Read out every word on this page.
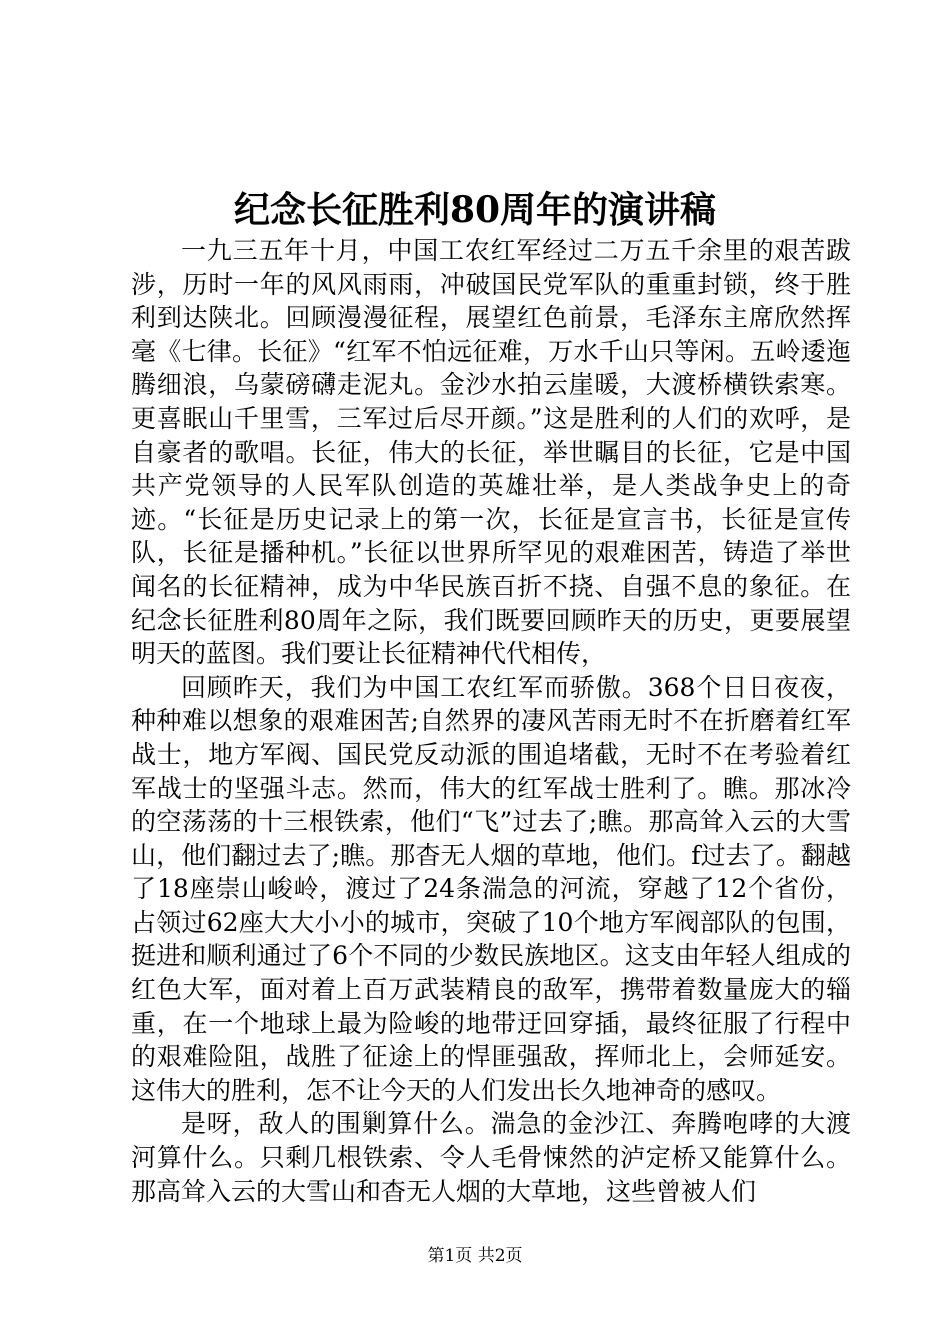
纪念长征胜利80周年的演讲稿

一九三五年十月，中国工农红军经过二万五千余里的艰苦跋涉，历时一年的风风雨雨，冲破国民党军队的重重封锁，终于胜利到达陕北。回顾漫漫征程，展望红色前景，毛泽东主席欣然挥毫《七律。长征》“红军不怕远征难，万水千山只等闲。五岭逶迤腾细浪，乌蒙磅礴走泥丸。金沙水拍云崖暖，大渡桥横铁索寒。更喜眠山千里雪，三军过后尽开颜。”这是胜利的人们的欢呼，是自豪者的歌唱。长征，伟大的长征，举世瞩目的长征，它是中国共产党领导的人民军队创造的英雄壮举，是人类战争史上的奇迹。“长征是历史记录上的第一次，长征是宣言书，长征是宣传队，长征是播种机。”长征以世界所罕见的艰难困苦，铸造了举世闻名的长征精神，成为中华民族百折不挠、自强不息的象征。在纪念长征胜利80周年之际，我们既要回顾昨天的历史，更要展望明天的蓝图。我们要让长征精神代代相传，

回顾昨天，我们为中国工农红军而骄傲。368个日日夜夜，种种难以想象的艰难困苦;自然界的凄风苦雨无时不在折磨着红军战士，地方军阀、国民党反动派的围追堵截，无时不在考验着红军战士的坚强斗志。然而，伟大的红军战士胜利了。瞧。那冰冷的空荡荡的十三根铁索，他们“飞”过去了;瞧。那高耸入云的大雪山，他们翻过去了;瞧。那杳无人烟的草地，他们。f过去了。翻越了18座崇山峻岭，渡过了24条湍急的河流，穿越了12个省份，占领过62座大大小小的城市，突破了10个地方军阀部队的包围，挺进和顺利通过了6个不同的少数民族地区。这支由年轻人组成的红色大军，面对着上百万武装精良的敌军，携带着数量庞大的辎重，在一个地球上最为险峻的地带迂回穿插，最终征服了行程中的艰难险阻，战胜了征途上的悍匪强敌，挥师北上，会师延安。这伟大的胜利，怎不让今天的人们发出长久地神奇的感叹。

是呀，敌人的围剿算什么。湍急的金沙江、奔腾咆哮的大渡河算什么。只剩几根铁索、令人毛骨悚然的泸定桥又能算什么。那高耸入云的大雪山和杳无人烟的大草地，这些曾被人们

第1页 共2页
